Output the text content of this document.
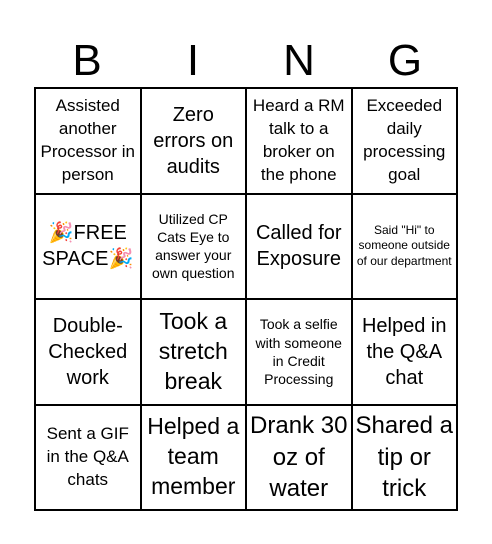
B	I	N	G
Assisted another Processor in person
Zero errors on audits
Heard a RM talk to a broker on the phone
Exceeded daily processing goal
🎉FREE SPACE🎉
Utilized CP Cats Eye to answer your own question
Called for Exposure
Said "Hi" to someone outside of our department
Double-Checked work
Took a stretch break
Took a selfie with someone in Credit Processing
Helped in the Q&A chat
Sent a GIF in the Q&A chats
Helped a team member
Drank 30 oz of water
Shared a tip or trick
